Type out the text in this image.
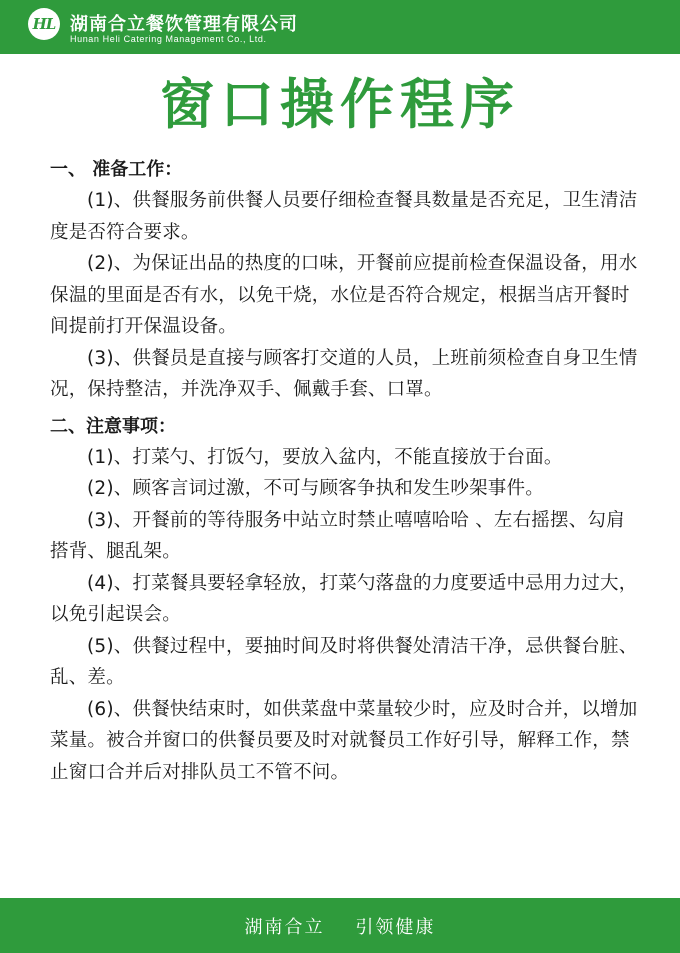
HL 湖南合立餐饮管理有限公司
Hunan Heli Catering Management Co., Ltd.
窗口操作程序

一、 准备工作：

(1)、供餐服务前供餐人员要仔细检查餐具数量是否充足，卫生清洁度是否符合要求。

(2)、为保证出品的热度的口味，开餐前应提前检查保温设备，用水保温的里面是否有水，以免干烧，水位是否符合规定，根据当店开餐时间提前打开保温设备。

(3)、供餐员是直接与顾客打交道的人员，上班前须检查自身卫生情况，保持整洁，并洗净双手、佩戴手套、口罩。

二、注意事项：

(1)、打菜勺、打饭勺，要放入盆内，不能直接放于台面。

(2)、顾客言词过激，不可与顾客争执和发生吵架事件。

(3)、开餐前的等待服务中站立时禁止嘻嘻哈哈 、左右摇摆、勾肩搭背、腿乱架。

(4)、打菜餐具要轻拿轻放，打菜勺落盘的力度要适中忌用力过大，以免引起误会。

(5)、供餐过程中，要抽时间及时将供餐处清洁干净，忌供餐台脏、乱、差。

(6)、供餐快结束时，如供菜盘中菜量较少时，应及时合并，以增加菜量。被合并窗口的供餐员要及时对就餐员工作好引导，解释工作，禁止窗口合并后对排队员工不管不问。

湖南合立    引领健康
